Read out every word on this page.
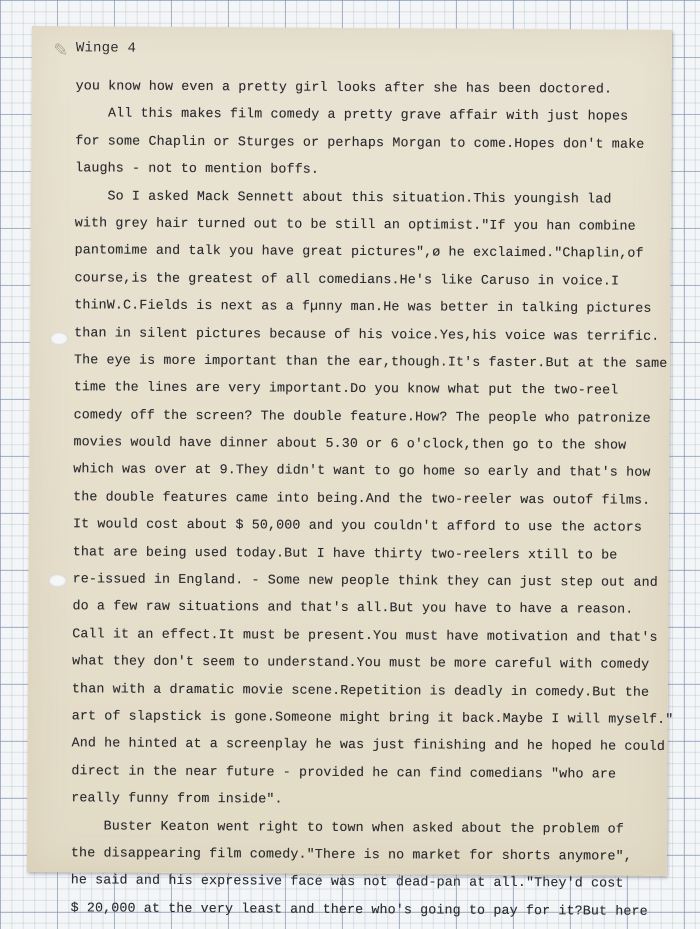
✎ Winge 4
you know how even a pretty girl looks after she has been doctored.
All this makes film comedy a pretty grave affair with just hopes
for some Chaplin or Sturges or perhaps Morgan to come.Hopes don't make
laughs - not to mention boffs.
So I asked Mack Sennett about this situation.This youngish lad
with grey hair turned out to be still an optimist."If you han combine
pantomime and talk you have great pictures",ø he exclaimed."Chaplin,of
course,is the greatest of all comedians.He's like Caruso in voice.I
thinW.C.Fields is next as a fµnny man.He was better in talking pictures
than in silent pictures because of his voice.Yes,his voice was terrific.
The eye is more important than the ear,though.It's faster.But at the same
time the lines are very important.Do you know what put the two-reel
comedy off the screen? The double feature.How? The people who patronize
movies would have dinner about 5.30 or 6 o'clock,then go to the show
which was over at 9.They didn't want to go home so early and that's how
the double features came into being.And the two-reeler was outof films.
It would cost about $ 50,000 and you couldn't afford to use the actors
that are being used today.But I have thirty two-reelers xtill to be
re-issued in England. - Some new people think they can just step out and
do a few raw situations and that's all.But you have to have a reason.
Call it an effect.It must be present.You must have motivation and that's
what they don't seem to understand.You must be more careful with comedy
than with a dramatic movie scene.Repetition is deadly in comedy.But the
art of slapstick is gone.Someone might bring it back.Maybe I will myself."
And he hinted at a screenplay he was just finishing and he hoped he could
direct in the near future - provided he can find comedians "who are
really funny from inside".
Buster Keaton went right to town when asked about the problem of
the disappearing film comedy."There is no market for shorts anymore",
he said and his expressive face was not dead-pan at all."They'd cost
$ 20,000 at the very least and there who's going to pay for it?But here
